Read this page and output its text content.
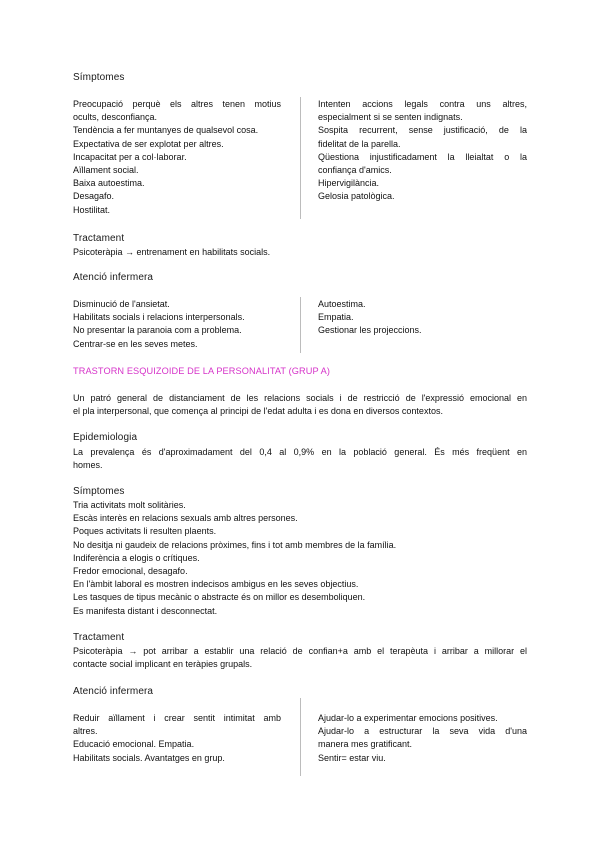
Símptomes
Preocupació perquè els altres tenen motius
ocults, desconfiança.
Tendència a fer muntanyes de qualsevol cosa.
Expectativa de ser explotat per altres.
Incapacitat per a col·laborar.
Aïllament social.
Baixa autoestima.
Desagafo.
Hostilitat.
Intenten accions legals contra uns altres,
especialment si se senten indignats.
Sospita recurrent, sense justificació, de la
fidelitat de la parella.
Qüestiona injustificadament la lleialtat o la
confiança d'amics.
Hipervigilància.
Gelosia patològica.
Tractament
Psicoteràpia → entrenament en habilitats socials.
Atenció infermera
Disminució de l'ansietat.
Habilitats socials i relacions interpersonals.
No presentar la paranoia com a problema.
Centrar-se en les seves metes.
Autoestima.
Empatia.
Gestionar les projeccions.
TRASTORN ESQUIZOIDE DE LA PERSONALITAT (GRUP A)
Un patró general de distanciament de les relacions socials i de restricció de l'expressió emocional en
el pla interpersonal, que comença al principi de l'edat adulta i es dona en diversos contextos.
Epidemiologia
La prevalença és d'aproximadament del 0,4 al 0,9% en la població general. És més freqüent en
homes.
Símptomes
Tria activitats molt solitàries.
Escàs interès en relacions sexuals amb altres persones.
Poques activitats li resulten plaents.
No desitja ni gaudeix de relacions pròximes, fins i tot amb membres de la família.
Indiferència a elogis o crítiques.
Fredor emocional, desagafo.
En l'àmbit laboral es mostren indecisos ambigus en les seves objectius.
Les tasques de tipus mecànic o abstracte és on millor es desemboliquen.
Es manifesta distant i desconnectat.
Tractament
Psicoteràpia → pot arribar a establir una relació de confian+a amb el terapèuta i arribar a millorar el
contacte social implicant en teràpies grupals.
Atenció infermera
Reduir aïllament i crear sentit intimitat amb
altres.
Educació emocional. Empatia.
Habilitats socials. Avantatges en grup.
Ajudar-lo a experimentar emocions positives.
Ajudar-lo a estructurar la seva vida d'una
manera mes gratificant.
Sentir= estar viu.
